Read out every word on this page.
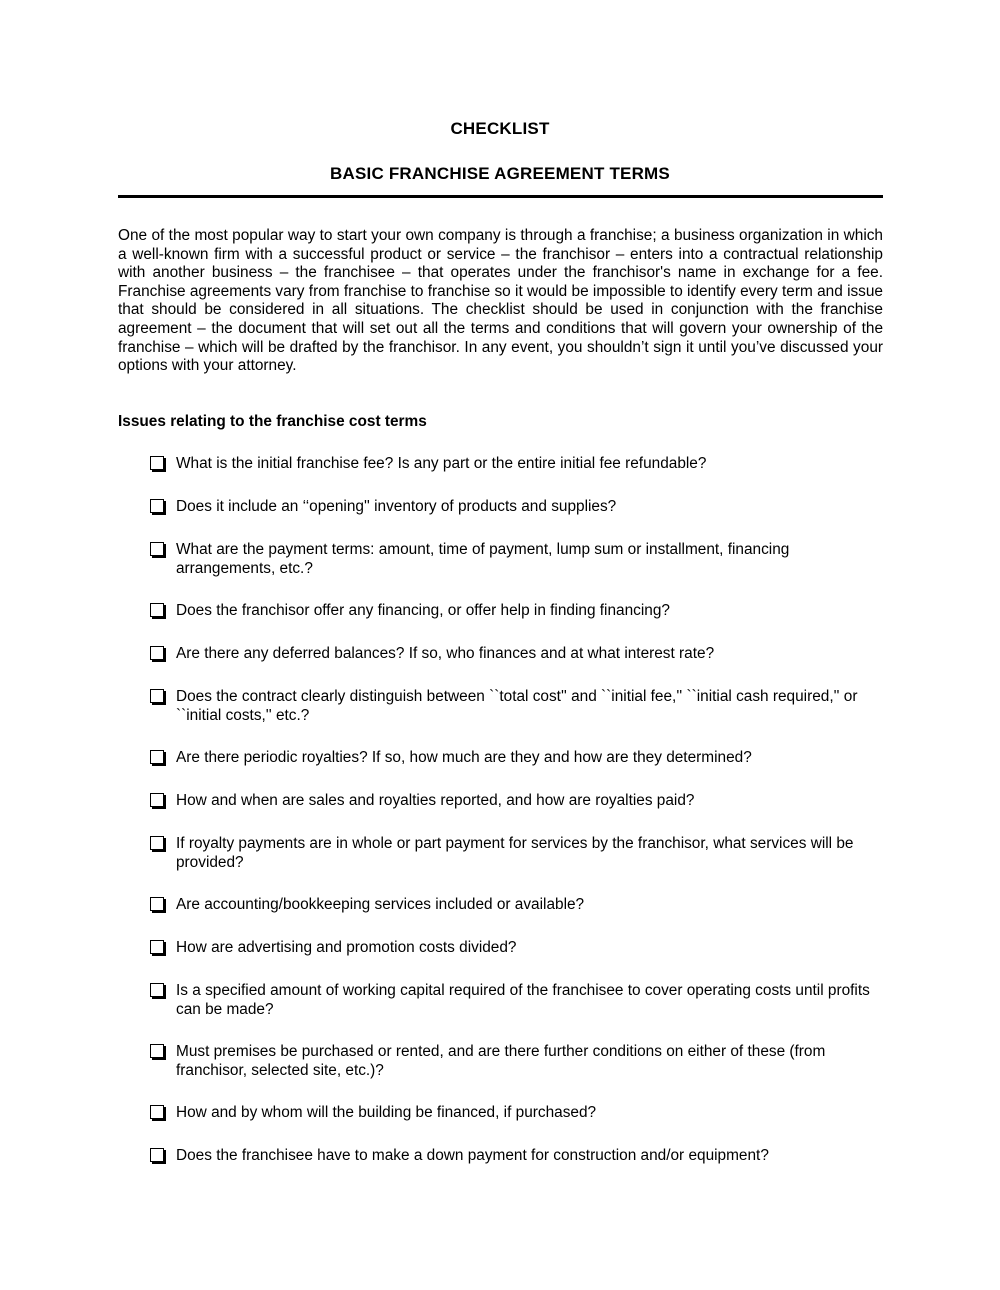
CHECKLIST
BASIC FRANCHISE AGREEMENT TERMS

One of the most popular way to start your own company is through a franchise; a business organization in which a well-known firm with a successful product or service – the franchisor – enters into a contractual relationship with another business – the franchisee – that operates under the franchisor's name in exchange for a fee. Franchise agreements vary from franchise to franchise so it would be impossible to identify every term and issue that should be considered in all situations. The checklist should be used in conjunction with the franchise agreement – the document that will set out all the terms and conditions that will govern your ownership of the franchise – which will be drafted by the franchisor. In any event, you shouldn’t sign it until you’ve discussed your options with your attorney.

Issues relating to the franchise cost terms

What is the initial franchise fee? Is any part or the entire initial fee refundable?
Does it include an ‘‘opening'' inventory of products and supplies?
What are the payment terms: amount, time of payment, lump sum or installment, financing arrangements, etc.?
Does the franchisor offer any financing, or offer help in finding financing?
Are there any deferred balances? If so, who finances and at what interest rate?
Does the contract clearly distinguish between ``total cost'' and ``initial fee,'' ``initial cash required,'' or ``initial costs,'' etc.?
Are there periodic royalties? If so, how much are they and how are they determined?
How and when are sales and royalties reported, and how are royalties paid?
If royalty payments are in whole or part payment for services by the franchisor, what services will be provided?
Are accounting/bookkeeping services included or available?
How are advertising and promotion costs divided?
Is a specified amount of working capital required of the franchisee to cover operating costs until profits can be made?
Must premises be purchased or rented, and are there further conditions on either of these (from franchisor, selected site, etc.)?
How and by whom will the building be financed, if purchased?
Does the franchisee have to make a down payment for construction and/or equipment?
